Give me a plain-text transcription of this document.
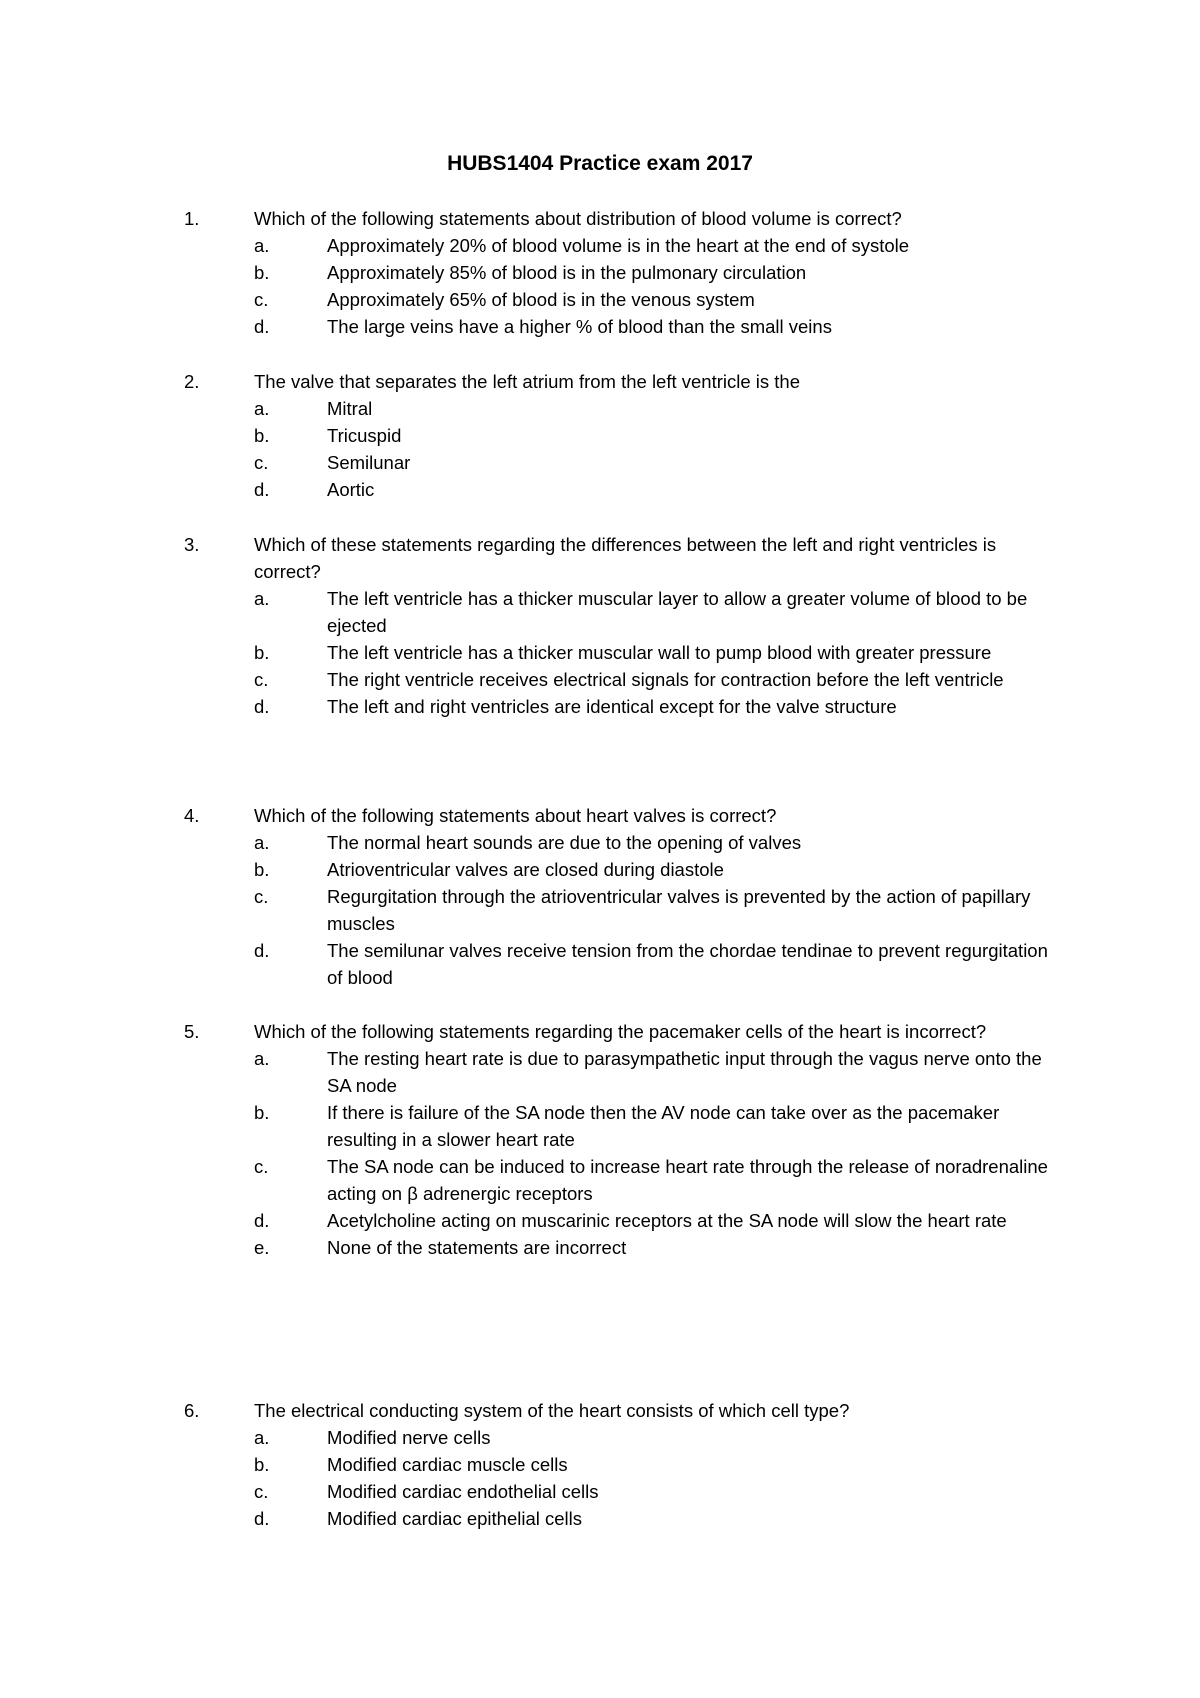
HUBS1404 Practice exam 2017
1.	Which of the following statements about distribution of blood volume is correct?
a.	Approximately 20% of blood volume is in the heart at the end of systole
b.	Approximately 85% of blood is in the pulmonary circulation
c.	Approximately 65% of blood is in the venous system
d.	The large veins have a higher % of blood than the small veins
2.	The valve that separates the left atrium from the left ventricle is the
a.	Mitral
b.	Tricuspid
c.	Semilunar
d.	Aortic
3.	Which of these statements regarding the differences between the left and right ventricles is correct?
a.	The left ventricle has a thicker muscular layer to allow a greater volume of blood to be ejected
b.	The left ventricle has a thicker muscular wall to pump blood with greater pressure
c.	The right ventricle receives electrical signals for contraction before the left ventricle
d.	The left and right ventricles are identical except for the valve structure
4.	Which of the following statements about heart valves is correct?
a.	The normal heart sounds are due to the opening of valves
b.	Atrioventricular valves are closed during diastole
c.	Regurgitation through the atrioventricular valves is prevented by the action of papillary muscles
d.	The semilunar valves receive tension from the chordae tendinae to prevent regurgitation of blood
5.	Which of the following statements regarding the pacemaker cells of the heart is incorrect?
a.	The resting heart rate is due to parasympathetic input through the vagus nerve onto the SA node
b.	If there is failure of the SA node then the AV node can take over as the pacemaker resulting in a slower heart rate
c.	The SA node can be induced to increase heart rate through the release of noradrenaline acting on β adrenergic receptors
d.	Acetylcholine acting on muscarinic receptors at the SA node will slow the heart rate
e.	None of the statements are incorrect
6.	The electrical conducting system of the heart consists of which cell type?
a.	Modified nerve cells
b.	Modified cardiac muscle cells
c.	Modified cardiac endothelial cells
d.	Modified cardiac epithelial cells
